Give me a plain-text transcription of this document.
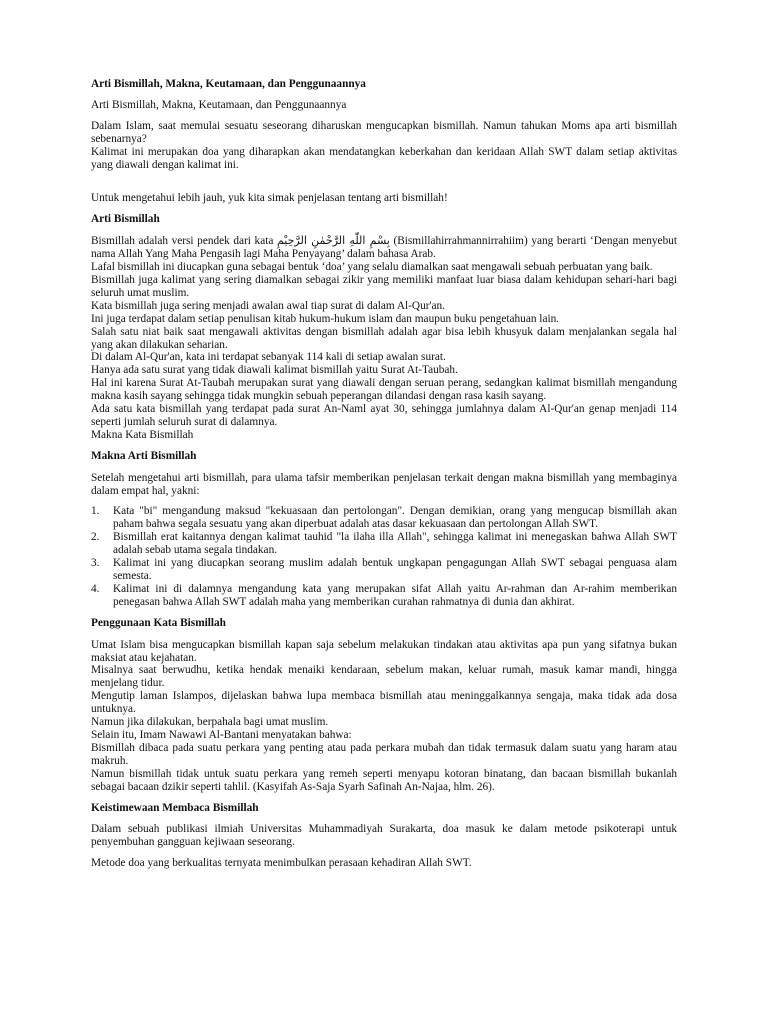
Arti Bismillah, Makna, Keutamaan, dan Penggunaannya

Arti Bismillah, Makna, Keutamaan, dan Penggunaannya

Dalam Islam, saat memulai sesuatu seseorang diharuskan mengucapkan bismillah. Namun tahukan Moms apa arti bismillah sebenarnya?

Kalimat ini merupakan doa yang diharapkan akan mendatangkan keberkahan dan keridaan Allah SWT dalam setiap aktivitas yang diawali dengan kalimat ini.

Untuk mengetahui lebih jauh, yuk kita simak penjelasan tentang arti bismillah!

Arti Bismillah

Bismillah adalah versi pendek dari kata بِسْمِ اللّٰهِ الرَّحْمٰنِ الرَّحِيْمِ (Bismillahirrahmannirrahiim) yang berarti ‘Dengan menyebut nama Allah Yang Maha Pengasih lagi Maha Penyayang’ dalam bahasa Arab.

Lafal bismillah ini diucapkan guna sebagai bentuk ‘doa’ yang selalu diamalkan saat mengawali sebuah perbuatan yang baik.

Bismillah juga kalimat yang sering diamalkan sebagai zikir yang memiliki manfaat luar biasa dalam kehidupan sehari-hari bagi seluruh umat muslim.

Kata bismillah juga sering menjadi awalan awal tiap surat di dalam Al-Qur'an.

Ini juga terdapat dalam setiap penulisan kitab hukum-hukum islam dan maupun buku pengetahuan lain.

Salah satu niat baik saat mengawali aktivitas dengan bismillah adalah agar bisa lebih khusyuk dalam menjalankan segala hal yang akan dilakukan seharian.

Di dalam Al-Qur'an, kata ini terdapat sebanyak 114 kali di setiap awalan surat.

Hanya ada satu surat yang tidak diawali kalimat bismillah yaitu Surat At-Taubah.

Hal ini karena Surat At-Taubah merupakan surat yang diawali dengan seruan perang, sedangkan kalimat bismillah mengandung makna kasih sayang sehingga tidak mungkin sebuah peperangan dilandasi dengan rasa kasih sayang.

Ada satu kata bismillah yang terdapat pada surat An-Naml ayat 30, sehingga jumlahnya dalam Al-Qur'an genap menjadi 114 seperti jumlah seluruh surat di dalamnya.

Makna Kata Bismillah

Makna Arti Bismillah

Setelah mengetahui arti bismillah, para ulama tafsir memberikan penjelasan terkait dengan makna bismillah yang membaginya dalam empat hal, yakni:

1. Kata "bi" mengandung maksud "kekuasaan dan pertolongan". Dengan demikian, orang yang mengucap bismillah akan paham bahwa segala sesuatu yang akan diperbuat adalah atas dasar kekuasaan dan pertolongan Allah SWT.
2. Bismillah erat kaitannya dengan kalimat tauhid "la ilaha illa Allah", sehingga kalimat ini menegaskan bahwa Allah SWT adalah sebab utama segala tindakan.
3. Kalimat ini yang diucapkan seorang muslim adalah bentuk ungkapan pengagungan Allah SWT sebagai penguasa alam semesta.
4. Kalimat ini di dalamnya mengandung kata yang merupakan sifat Allah yaitu Ar-rahman dan Ar-rahim memberikan penegasan bahwa Allah SWT adalah maha yang memberikan curahan rahmatnya di dunia dan akhirat.

Penggunaan Kata Bismillah

Umat Islam bisa mengucapkan bismillah kapan saja sebelum melakukan tindakan atau aktivitas apa pun yang sifatnya bukan maksiat atau kejahatan.

Misalnya saat berwudhu, ketika hendak menaiki kendaraan, sebelum makan, keluar rumah, masuk kamar mandi, hingga menjelang tidur.

Mengutip laman Islampos, dijelaskan bahwa lupa membaca bismillah atau meninggalkannya sengaja, maka tidak ada dosa untuknya.

Namun jika dilakukan, berpahala bagi umat muslim.

Selain itu, Imam Nawawi Al-Bantani menyatakan bahwa:

Bismillah dibaca pada suatu perkara yang penting atau pada perkara mubah dan tidak termasuk dalam suatu yang haram atau makruh.

Namun bismillah tidak untuk suatu perkara yang remeh seperti menyapu kotoran binatang, dan bacaan bismillah bukanlah sebagai bacaan dzikir seperti tahlil. (Kasyifah As-Saja Syarh Safinah An-Najaa, hlm. 26).

Keistimewaan Membaca Bismillah

Dalam sebuah publikasi ilmiah Universitas Muhammadiyah Surakarta, doa masuk ke dalam metode psikoterapi untuk penyembuhan gangguan kejiwaan seseorang.

Metode doa yang berkualitas ternyata menimbulkan perasaan kehadiran Allah SWT.
